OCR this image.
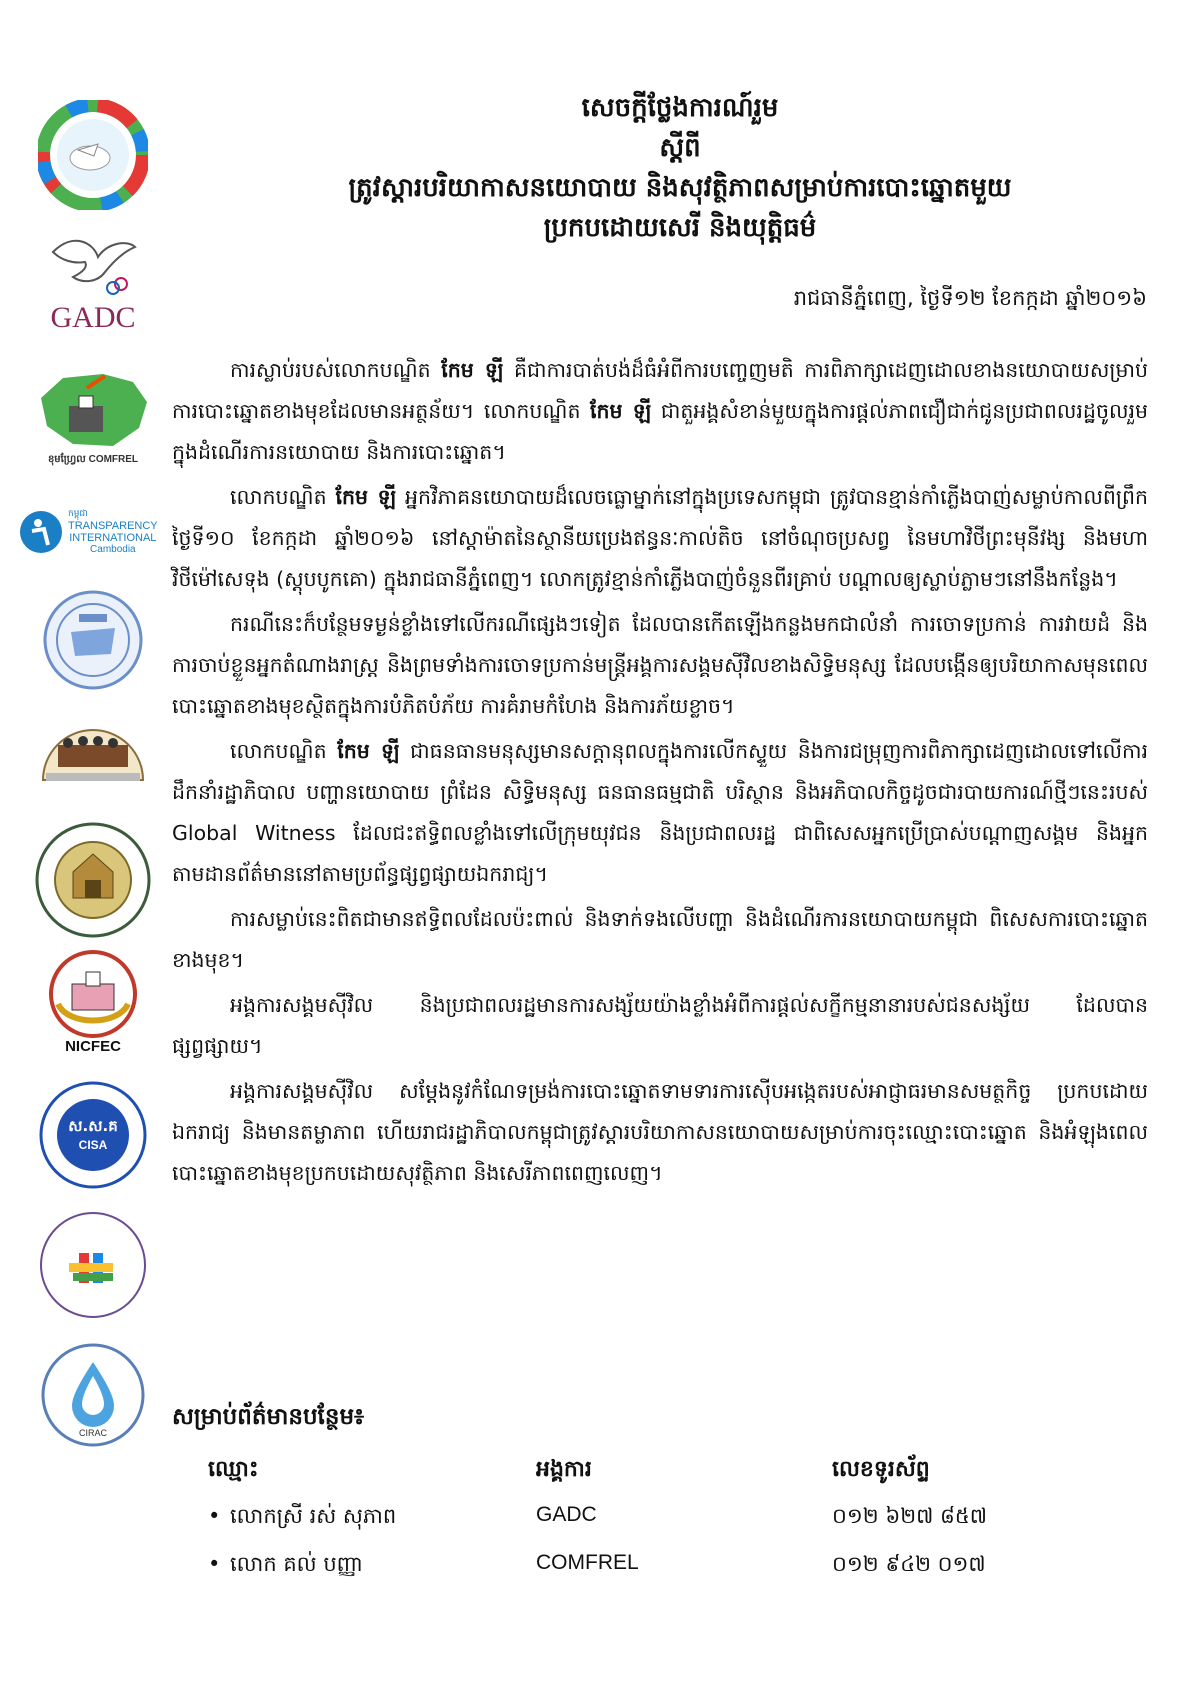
GADC
ខុមហ្វ្រែល COMFREL
កម្ពុជា
TRANSPARENCY
INTERNATIONAL
Cambodia
NICFEC
ស.ស.គ
CISA
CIRAC
សេចក្តីថ្លែងការណ៍រួម
ស្តីពី
ត្រូវស្តារបរិយាកាសនយោបាយ និងសុវត្ថិភាពសម្រាប់ការបោះឆ្នោតមួយ
ប្រកបដោយសេរី និងយុត្តិធម៌
រាជធានីភ្នំពេញ, ថ្ងៃទី១២ ខែកក្កដា ឆ្នាំ២០១៦

ការស្លាប់របស់លោកបណ្ឌិត កែម ឡី គឺជាការបាត់បង់ដ៏ធំអំពីការបញ្ចេញមតិ ការពិភាក្សាដេញដោលខាងនយោបាយសម្រាប់ការបោះឆ្នោតខាងមុខដែលមានអត្ថន័យ។ លោកបណ្ឌិត កែម ឡី ជាតួអង្គសំខាន់មួយក្នុងការផ្តល់ភាពជឿជាក់ជូនប្រជាពលរដ្ឋចូលរួមក្នុងដំណើរការនយោបាយ និងការបោះឆ្នោត។

លោកបណ្ឌិត កែម ឡី អ្នកវិភាគនយោបាយដ៏លេចធ្លោម្នាក់នៅក្នុងប្រទេសកម្ពុជា ត្រូវបានខ្មាន់កាំភ្លើងបាញ់សម្លាប់កាលពីព្រឹកថ្ងៃទី១០ ខែកក្កដា ឆ្នាំ២០១៦ នៅស្តាម៉ាតនៃស្ថានីយប្រេងឥន្ធនៈកាល់តិច នៅចំណុចប្រសព្វ នៃមហាវិថីព្រះមុនីវង្ស និងមហាវិថីម៉ៅសេទុង (ស្តុបបូកគោ) ក្នុងរាជធានីភ្នំពេញ។ លោកត្រូវខ្មាន់កាំភ្លើងបាញ់ចំនួនពីរគ្រាប់ បណ្តាលឲ្យស្លាប់ភ្លាមៗនៅនឹងកន្លែង។

ករណីនេះក៏បន្ថែមទម្ងន់ខ្លាំងទៅលើករណីផ្សេងៗទៀត ដែលបានកើតឡើងកន្លងមកជាលំនាំ ការចោទប្រកាន់ ការវាយដំ និងការចាប់ខ្លួនអ្នកតំណាងរាស្ត្រ និងព្រមទាំងការចោទប្រកាន់មន្ត្រីអង្គការសង្គមស៊ីវិលខាងសិទ្ធិមនុស្ស ដែលបង្កើនឲ្យបរិយាកាសមុនពេលបោះឆ្នោតខាងមុខស្ថិតក្នុងការបំភិតបំភ័យ ការគំរាមកំហែង និងការភ័យខ្លាច។

លោកបណ្ឌិត កែម ឡី ជាធនធានមនុស្សមានសក្តានុពលក្នុងការលើកស្ទួយ និងការជម្រុញការពិភាក្សាដេញដោលទៅលើការដឹកនាំរដ្ឋាភិបាល បញ្ហានយោបាយ ព្រំដែន សិទ្ធិមនុស្ស ធនធានធម្មជាតិ បរិស្ថាន និងអភិបាលកិច្ចដូចជារបាយការណ៍ថ្មីៗនេះរបស់ Global Witness ដែលជះឥទ្ធិពលខ្លាំងទៅលើក្រុមយុវជន និងប្រជាពលរដ្ឋ ជាពិសេសអ្នកប្រើប្រាស់បណ្តាញសង្គម និងអ្នកតាមដានព័ត៌មាននៅតាមប្រព័ន្ធផ្សព្វផ្សាយឯករាជ្យ។

ការសម្លាប់នេះពិតជាមានឥទ្ធិពលដែលប៉ះពាល់ និងទាក់ទងលើបញ្ហា និងដំណើរការនយោបាយកម្ពុជា ពិសេសការបោះឆ្នោតខាងមុខ។

អង្គការសង្គមស៊ីវិល និងប្រជាពលរដ្ឋមានការសង្ស័យយ៉ាងខ្លាំងអំពីការផ្តល់សក្ខីកម្មនានារបស់ជនសង្ស័យ ដែលបានផ្សព្វផ្សាយ។

អង្គការសង្គមស៊ីវិល សម្តែងនូវកំណែទម្រង់ការបោះឆ្នោតទាមទារការស៊ើបអង្កេតរបស់អាជ្ញាធរមានសមត្ថកិច្ច ប្រកបដោយឯករាជ្យ និងមានតម្លាភាព ហើយរាជរដ្ឋាភិបាលកម្ពុជាត្រូវស្តារបរិយាកាសនយោបាយសម្រាប់ការចុះឈ្មោះបោះឆ្នោត និងអំឡុងពេលបោះឆ្នោតខាងមុខប្រកបដោយសុវត្ថិភាព និងសេរីភាពពេញលេញ។

សម្រាប់ព័ត៌មានបន្ថែម៖
ឈ្មោះ	អង្គការ	លេខទូរស័ព្ទ
• លោកស្រី រស់ សុភាព	GADC	០១២ ៦២៧ ៨៥៧
• លោក គល់ បញ្ញា	COMFREL	០១២ ៩៤២ ០១៧
